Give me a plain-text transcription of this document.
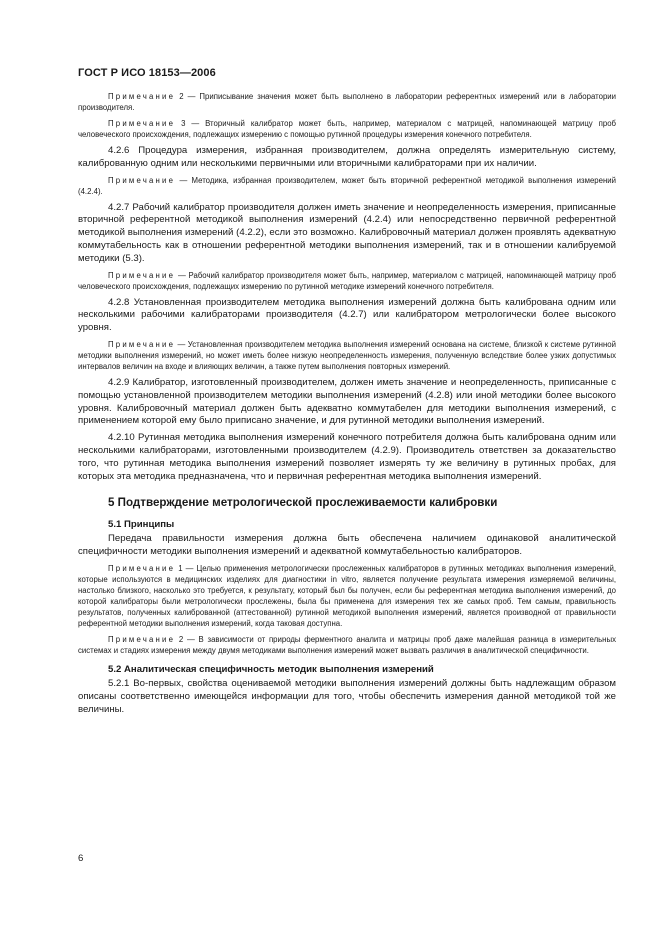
ГОСТ Р ИСО 18153—2006
Примечание 2 — Приписывание значения может быть выполнено в лаборатории референтных измерений или в лаборатории производителя.
Примечание 3 — Вторичный калибратор может быть, например, материалом с матрицей, напоминающей матрицу проб человеческого происхождения, подлежащих измерению с помощью рутинной процедуры измерения конечного потребителя.

4.2.6 Процедура измерения, избранная производителем, должна определять измерительную систему, калиброванную одним или несколькими первичными или вторичными калибраторами при их наличии.

Примечание — Методика, избранная производителем, может быть вторичной референтной методикой выполнения измерений (4.2.4).

4.2.7 Рабочий калибратор производителя должен иметь значение и неопределенность измерения, приписанные вторичной референтной методикой выполнения измерений (4.2.4) или непосредственно первичной референтной методикой выполнения измерений (4.2.2), если это возможно. Калибровочный материал должен проявлять адекватную коммутабельность как в отношении референтной методики выполнения измерений, так и в отношении калибруемой методики (5.3).

Примечание — Рабочий калибратор производителя может быть, например, материалом с матрицей, напоминающей матрицу проб человеческого происхождения, подлежащих измерению по рутинной методике измерений конечного потребителя.

4.2.8 Установленная производителем методика выполнения измерений должна быть калибрована одним или несколькими рабочими калибраторами производителя (4.2.7) или калибратором метрологически более высокого уровня.

Примечание — Установленная производителем методика выполнения измерений основана на системе, близкой к системе рутинной методики выполнения измерений, но может иметь более низкую неопределенность измерения, полученную вследствие более узких допустимых интервалов величин на входе и влияющих величин, а также путем выполнения повторных измерений.

4.2.9 Калибратор, изготовленный производителем, должен иметь значение и неопределенность, приписанные с помощью установленной производителем методики выполнения измерений (4.2.8) или иной методики более высокого уровня. Калибровочный материал должен быть адекватно коммутабелен для методики выполнения измерений, с применением которой ему было приписано значение, и для рутинной методики выполнения измерений.

4.2.10 Рутинная методика выполнения измерений конечного потребителя должна быть калибрована одним или несколькими калибраторами, изготовленными производителем (4.2.9). Производитель ответствен за доказательство того, что рутинная методика выполнения измерений позволяет измерять ту же величину в рутинных пробах, для которых эта методика предназначена, что и первичная референтная методика выполнения измерений.

5 Подтверждение метрологической прослеживаемости калибровки
5.1 Принципы

Передача правильности измерения должна быть обеспечена наличием одинаковой аналитической специфичности методики выполнения измерений и адекватной коммутабельностью калибраторов.

Примечание 1 — Целью применения метрологически прослеженных калибраторов в рутинных методиках выполнения измерений, которые используются в медицинских изделиях для диагностики in vitro, является получение результата измерения измеряемой величины, настолько близкого, насколько это требуется, к результату, который был бы получен, если бы референтная методика выполнения измерений, до которой калибраторы были метрологически прослежены, была бы применена для измерения тех же самых проб. Тем самым, правильность результатов, полученных калиброванной (аттестованной) рутинной методикой выполнения измерений, является производной от правильности референтной методики выполнения измерений, когда таковая доступна.
Примечание 2 — В зависимости от природы ферментного аналита и матрицы проб даже малейшая разница в измерительных системах и стадиях измерения между двумя методиками выполнения измерений может вызвать различия в аналитической специфичности.
5.2 Аналитическая специфичность методик выполнения измерений

5.2.1 Во-первых, свойства оцениваемой методики выполнения измерений должны быть надлежащим образом описаны соответственно имеющейся информации для того, чтобы обеспечить измерения данной методикой той же величины.

6
